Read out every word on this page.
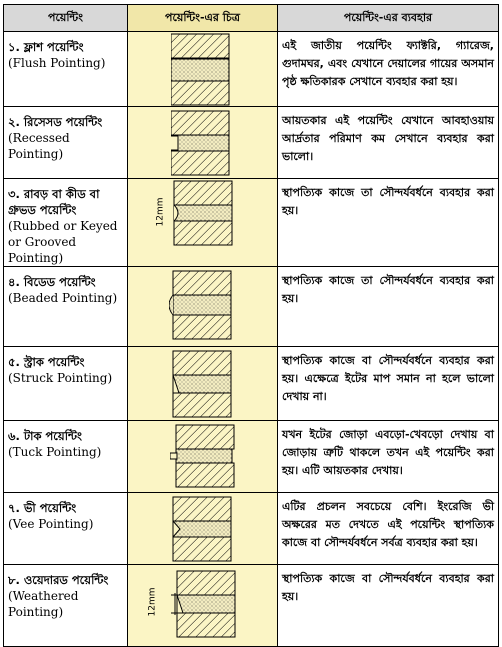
পয়েন্টিং	পয়েন্টিং-এর চিত্র	পয়েন্টিং-এর ব্যবহার

১. ফ্লাশ পয়েন্টিং
(Flush Pointing)		এই জাতীয় পয়েন্টিং ফ্যাক্টরি, গ্যারেজ, গুদামঘর, এবং যেখানে দেয়ালের গায়ের অসমান পৃষ্ঠ ক্ষতিকারক সেখানে ব্যবহার করা হয়।

২. রিসেসড পয়েন্টিং
(Recessed Pointing)		আয়তকার এই পয়েন্টিং যেখানে আবহাওয়ায় আর্দ্রতার পরিমাণ কম সেখানে ব্যবহার করা ভালো।

৩. রাবড় বা কীড বা গ্রুভড পয়েন্টিং
(Rubbed or Keyed or Grooved Pointing)	12mm	স্থাপত্যিক কাজে তা সৌন্দর্যবর্ধনে ব্যবহার করা হয়।

৪. বিডেড পয়েন্টিং
(Beaded Pointing)		স্থাপত্যিক কাজে তা সৌন্দর্যবর্ধনে ব্যবহার করা হয়।

৫. স্ট্রাক পয়েন্টিং
(Struck Pointing)		স্থাপত্যিক কাজে বা সৌন্দর্যবর্ধনে ব্যবহার করা হয়। এক্ষেত্রে ইটের মাপ সমান না হলে ভালো দেখায় না।

৬. টাক পয়েন্টিং
(Tuck Pointing)		যখন ইটের জোড়া এবড়ো-খেবড়ো দেখায় বা জোড়ায় ত্রুটি থাকলে তখন এই পয়েন্টিং করা হয়। এটি আয়তকার দেখায়।

৭. ভী পয়েন্টিং
(Vee Pointing)		এটির প্রচলন সবচেয়ে বেশি। ইংরেজি ভী অক্ষরের মত দেখতে এই পয়েন্টিং স্থাপত্যিক কাজে বা সৌন্দর্যবর্ধনে সর্বত্র ব্যবহার করা হয়।

৮. ওয়েদারড পয়েন্টিং
(Weathered Pointing)	12mm	স্থাপত্যিক কাজে বা সৌন্দর্যবর্ধনে ব্যবহার করা হয়।
